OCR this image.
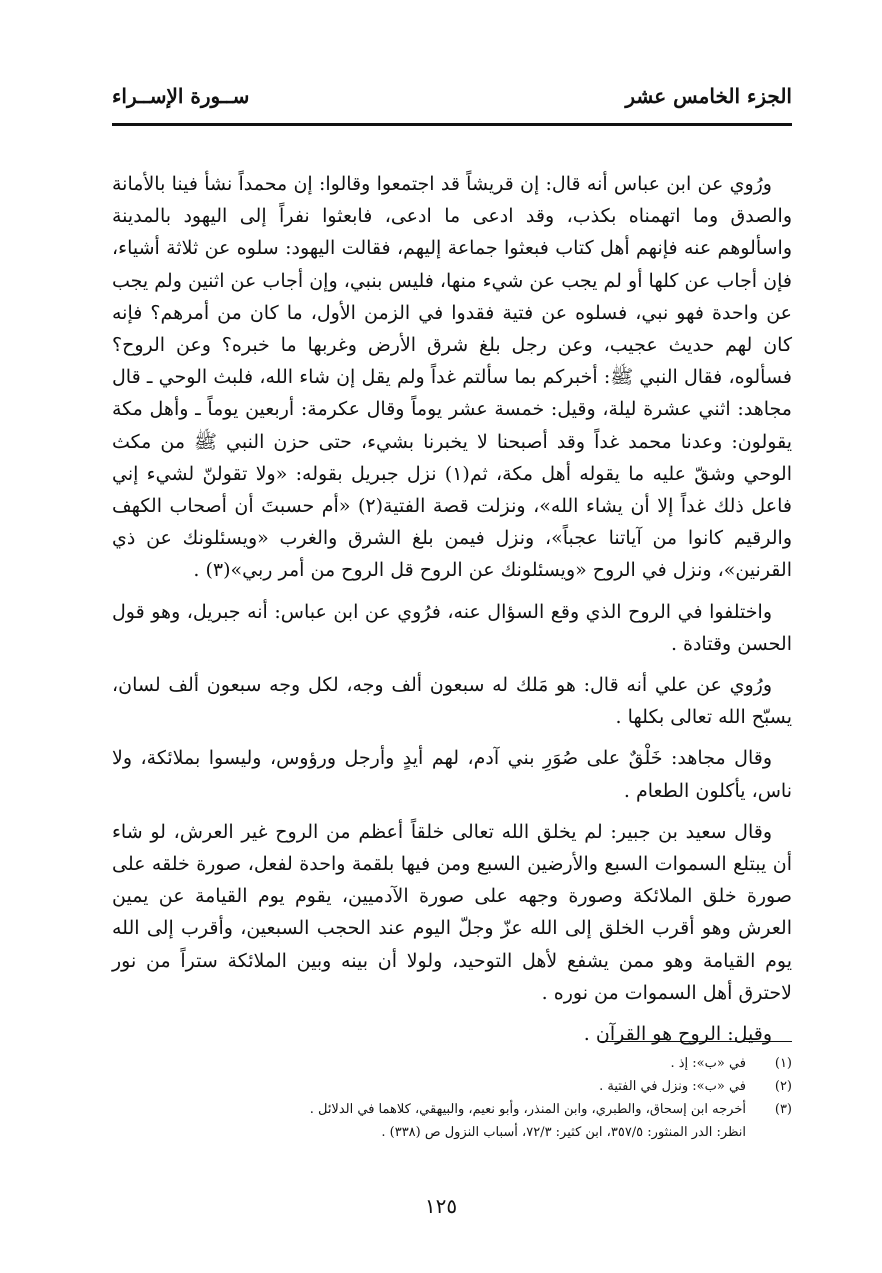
الجزء الخامس عشر
ســورة الإســراء

ورُوي عن ابن عباس أنه قال: إن قريشاً قد اجتمعوا وقالوا: إن محمداً نشأ فينا بالأمانة والصدق وما اتهمناه بكذب، وقد ادعى ما ادعى، فابعثوا نفراً إلى اليهود بالمدينة واسألوهم عنه فإنهم أهل كتاب فبعثوا جماعة إليهم، فقالت اليهود: سلوه عن ثلاثة أشياء، فإن أجاب عن كلها أو لم يجب عن شيء منها، فليس بنبي، وإن أجاب عن اثنين ولم يجب عن واحدة فهو نبي، فسلوه عن فتية فقدوا في الزمن الأول، ما كان من أمرهم؟ فإنه كان لهم حديث عجيب، وعن رجل بلغ شرق الأرض وغربها ما خبره؟ وعن الروح؟ فسألوه، فقال النبي ﷺ: أخبركم بما سألتم غداً ولم يقل إن شاء الله، فلبث الوحي ـ قال مجاهد: اثني عشرة ليلة، وقيل: خمسة عشر يوماً وقال عكرمة: أربعين يوماً ـ وأهل مكة يقولون: وعدنا محمد غداً وقد أصبحنا لا يخبرنا بشيء، حتى حزن النبي ﷺ من مكث الوحي وشقّ عليه ما يقوله أهل مكة، ثم(١) نزل جبريل بقوله: «ولا تقولنّ لشيء إني فاعل ذلك غداً إلا أن يشاء الله»، ونزلت قصة الفتية(٢) «أم حسبتَ أن أصحاب الكهف والرقيم كانوا من آياتنا عجباً»، ونزل فيمن بلغ الشرق والغرب «ويسئلونك عن ذي القرنين»، ونزل في الروح «ويسئلونك عن الروح قل الروح من أمر ربي»(٣) .

واختلفوا في الروح الذي وقع السؤال عنه، فرُوي عن ابن عباس: أنه جبريل، وهو قول الحسن وقتادة .

ورُوي عن علي أنه قال: هو مَلك له سبعون ألف وجه، لكل وجه سبعون ألف لسان، يسبّح الله تعالى بكلها .

وقال مجاهد: خَلْقٌ على صُوَرِ بني آدم، لهم أيدٍ وأرجل ورؤوس، وليسوا بملائكة، ولا ناس، يأكلون الطعام .

وقال سعيد بن جبير: لم يخلق الله تعالى خلقاً أعظم من الروح غير العرش، لو شاء أن يبتلع السموات السبع والأرضين السبع ومن فيها بلقمة واحدة لفعل، صورة خلقه على صورة خلق الملائكة وصورة وجهه على صورة الآدميين، يقوم يوم القيامة عن يمين العرش وهو أقرب الخلق إلى الله عزّ وجلّ اليوم عند الحجب السبعين، وأقرب إلى الله يوم القيامة وهو ممن يشفع لأهل التوحيد، ولولا أن بينه وبين الملائكة ستراً من نور لاحترق أهل السموات من نوره .

وقيل: الروح هو القرآن .

(١)
في «ب»: إذ .
(٢)
في «ب»: ونزل في الفتية .
(٣)
أخرجه ابن إسحاق، والطبري، وابن المنذر، وأبو نعيم، والبيهقي، كلاهما في الدلائل .
انظر: الدر المنثور: ٣٥٧/٥، ابن كثير: ٧٢/٣، أسباب النزول ص (٣٣٨) .
١٢٥
